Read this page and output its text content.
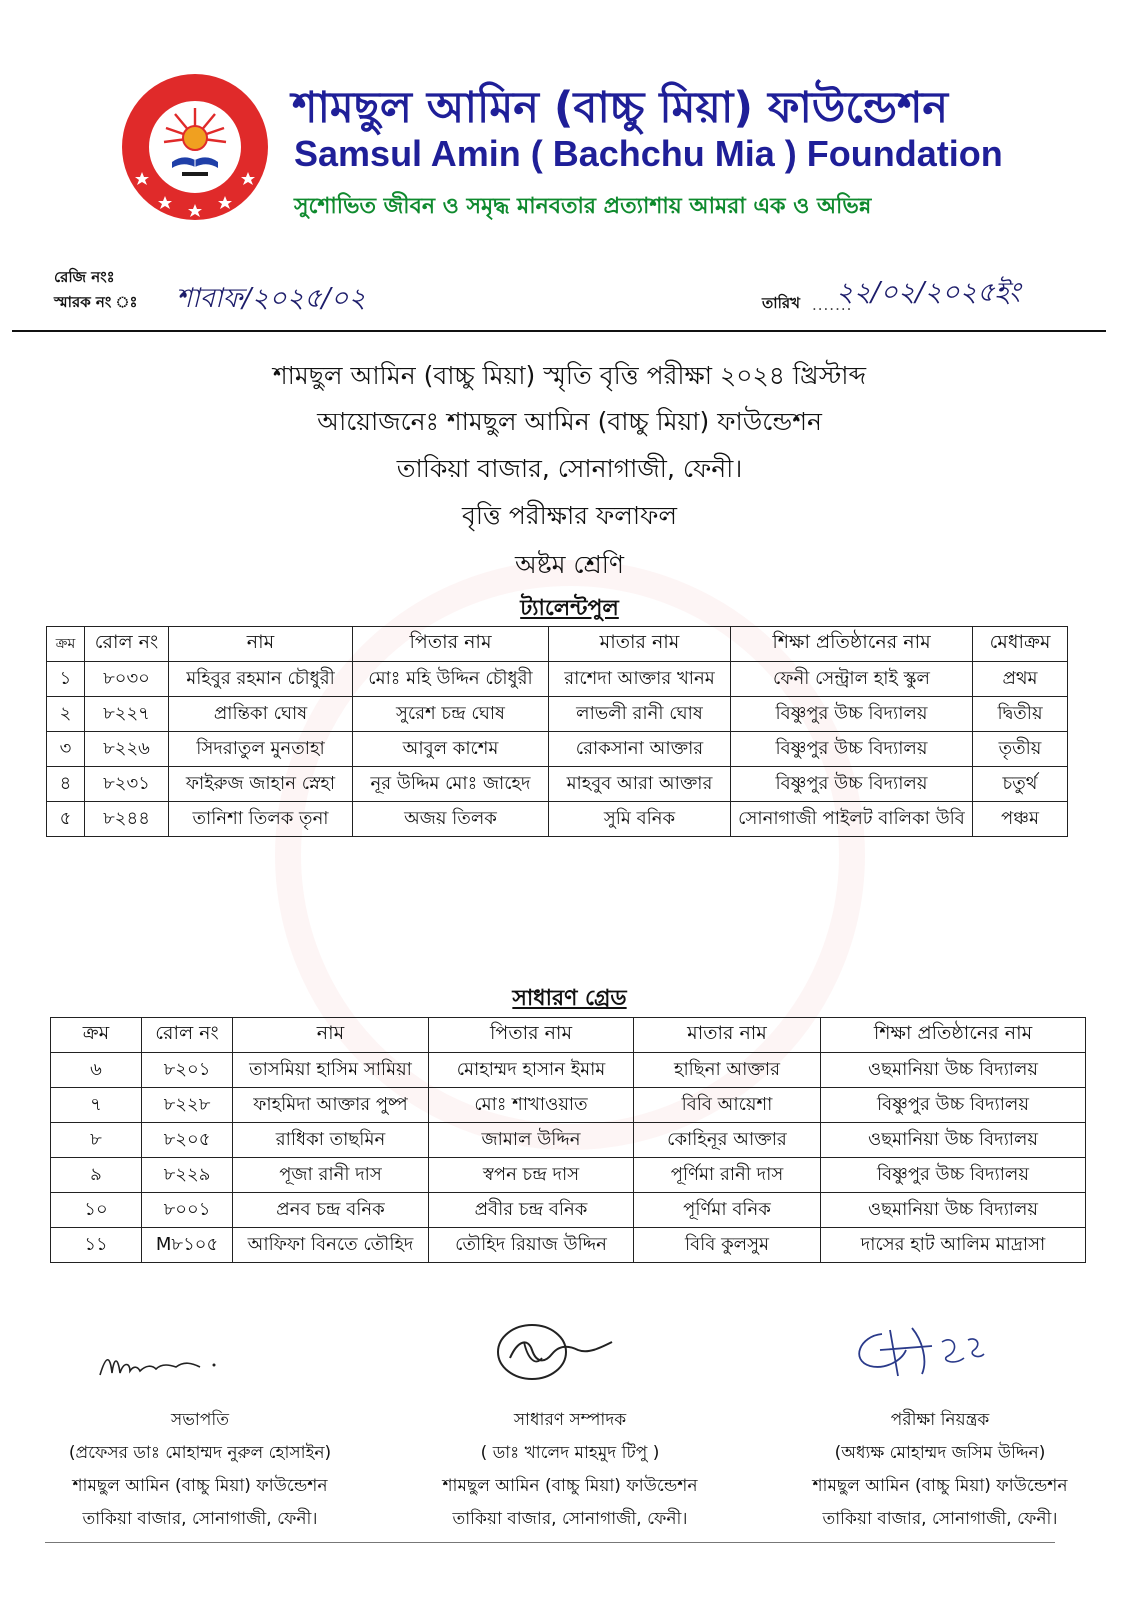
শামছুল আমিন (বাচ্চু মিয়া) ফাউন্ডেশন
Samsul Amin ( Bachchu Mia ) Foundation
সুশোভিত জীবন ও সমৃদ্ধ মানবতার প্রত্যাশায় আমরা এক ও অভিন্ন
রেজি নংঃ
স্মারক নং ঃ শাবাফ/২০২৫/০২	তারিখ .......
২২/০২/২০২৫ইং
শামছুল আমিন (বাচ্চু মিয়া) স্মৃতি বৃত্তি পরীক্ষা ২০২৪ খ্রিস্টাব্দ
আয়োজনেঃ শামছুল আমিন (বাচ্চু মিয়া) ফাউন্ডেশন
তাকিয়া বাজার, সোনাগাজী, ফেনী।
বৃত্তি পরীক্ষার ফলাফল
অষ্টম শ্রেণি
ট্যালেন্টপুল
ক্রম	রোল নং	নাম	পিতার নাম	মাতার নাম	শিক্ষা প্রতিষ্ঠানের নাম	মেধাক্রম
১	৮০৩০	মহিবুর রহমান চৌধুরী	মোঃ মহি উদ্দিন চৌধুরী	রাশেদা আক্তার খানম	ফেনী সেন্ট্রাল হাই স্কুল	প্রথম
২	৮২২৭	প্রান্তিকা ঘোষ	সুরেশ চন্দ্র ঘোষ	লাভলী রানী ঘোষ	বিষ্ণুপুর উচ্চ বিদ্যালয়	দ্বিতীয়
৩	৮২২৬	সিদরাতুল মুনতাহা	আবুল কাশেম	রোকসানা আক্তার	বিষ্ণুপুর উচ্চ বিদ্যালয়	তৃতীয়
৪	৮২৩১	ফাইরুজ জাহান স্নেহা	নূর উদ্দিম মোঃ জাহেদ	মাহবুব আরা আক্তার	বিষ্ণুপুর উচ্চ বিদ্যালয়	চতুর্থ
৫	৮২৪৪	তানিশা তিলক তৃনা	অজয় তিলক	সুমি বনিক	সোনাগাজী পাইলট বালিকা উবি	পঞ্চম
সাধারণ গ্রেড
ক্রম	রোল নং	নাম	পিতার নাম	মাতার নাম	শিক্ষা প্রতিষ্ঠানের নাম
৬	৮২০১	তাসমিয়া হাসিম সামিয়া	মোহাম্মদ হাসান ইমাম	হাছিনা আক্তার	ওছমানিয়া উচ্চ বিদ্যালয়
৭	৮২২৮	ফাহমিদা আক্তার পুষ্প	মোঃ শাখাওয়াত	বিবি আয়েশা	বিষ্ণুপুর উচ্চ বিদ্যালয়
৮	৮২০৫	রাধিকা তাছমিন	জামাল উদ্দিন	কোহিনূর আক্তার	ওছমানিয়া উচ্চ বিদ্যালয়
৯	৮২২৯	পূজা রানী দাস	স্বপন চন্দ্র দাস	পূর্ণিমা রানী দাস	বিষ্ণুপুর উচ্চ বিদ্যালয়
১০	৮০০১	প্রনব চন্দ্র বনিক	প্রবীর চন্দ্র বনিক	পূর্ণিমা বনিক	ওছমানিয়া উচ্চ বিদ্যালয়
১১	M৮১০৫	আফিফা বিনতে তৌহিদ	তৌহিদ রিয়াজ উদ্দিন	বিবি কুলসুম	দাসের হাট আলিম মাদ্রাসা
সভাপতি
(প্রফেসর ডাঃ মোহাম্মদ নুরুল হোসাইন)
শামছুল আমিন (বাচ্চু মিয়া) ফাউন্ডেশন
তাকিয়া বাজার, সোনাগাজী, ফেনী।
সাধারণ সম্পাদক
( ডাঃ খালেদ মাহমুদ টিপু )
শামছুল আমিন (বাচ্চু মিয়া) ফাউন্ডেশন
তাকিয়া বাজার, সোনাগাজী, ফেনী।
পরীক্ষা নিয়ন্ত্রক
(অধ্যক্ষ মোহাম্মদ জসিম উদ্দিন)
শামছুল আমিন (বাচ্চু মিয়া) ফাউন্ডেশন
তাকিয়া বাজার, সোনাগাজী, ফেনী।
